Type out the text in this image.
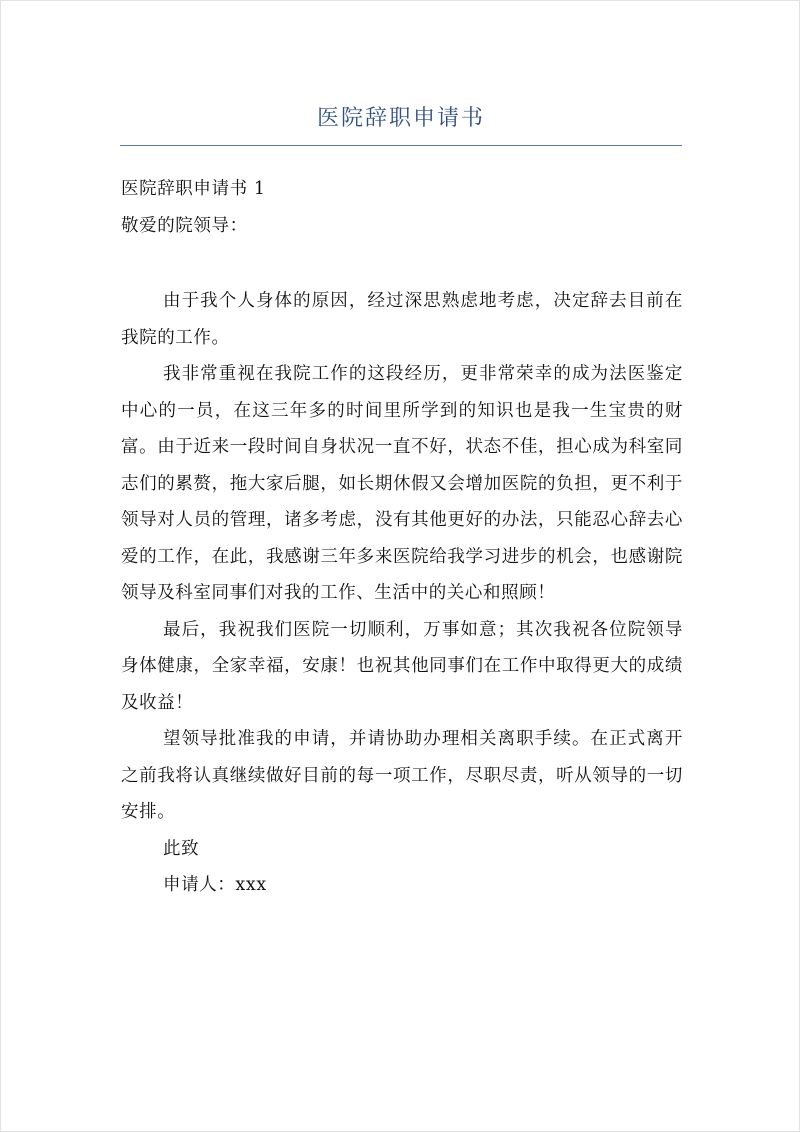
医院辞职申请书

医院辞职申请书 1

敬爱的院领导：

由于我个人身体的原因，经过深思熟虑地考虑，决定辞去目前在我院的工作。

我非常重视在我院工作的这段经历，更非常荣幸的成为法医鉴定中心的一员，在这三年多的时间里所学到的知识也是我一生宝贵的财富。由于近来一段时间自身状况一直不好，状态不佳，担心成为科室同志们的累赘，拖大家后腿，如长期休假又会增加医院的负担，更不利于领导对人员的管理，诸多考虑，没有其他更好的办法，只能忍心辞去心爱的工作，在此，我感谢三年多来医院给我学习进步的机会，也感谢院领导及科室同事们对我的工作、生活中的关心和照顾！

最后，我祝我们医院一切顺利，万事如意；其次我祝各位院领导身体健康，全家幸福，安康！也祝其他同事们在工作中取得更大的成绩及收益！

望领导批准我的申请，并请协助办理相关离职手续。在正式离开之前我将认真继续做好目前的每一项工作，尽职尽责，听从领导的一切安排。

此致

申请人：xxx
